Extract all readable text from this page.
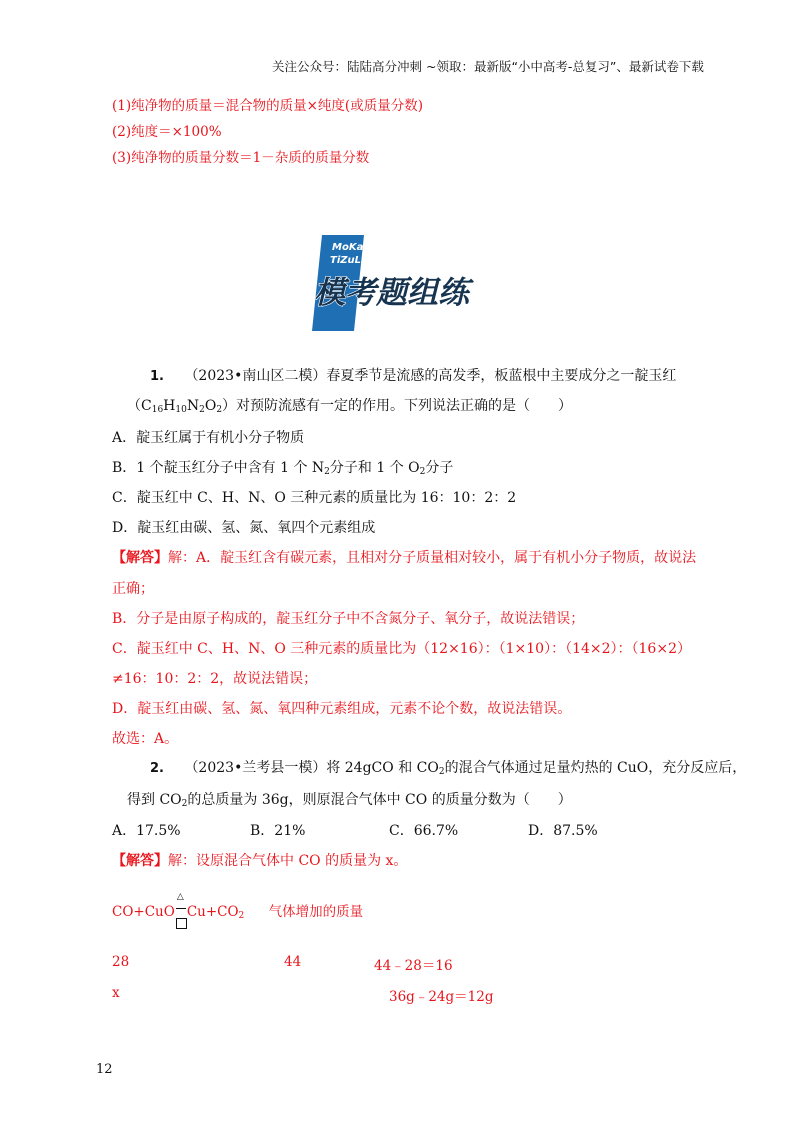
关注公众号：陆陆高分冲刺 ~领取：最新版“小中高考-总复习”、最新试卷下载
(1)纯净物的质量＝混合物的质量×纯度(或质量分数)
(2)纯度＝×100%
(3)纯净物的质量分数＝1－杂质的质量分数
MoKao
TiZuLian
模考题组练
1. （2023•南山区二模）春夏季节是流感的高发季，板蓝根中主要成分之一靛玉红
$(C_{16}H_{10}N_2O_2)$对预防流感有一定的作用。下列说法正确的是（　　）
A．靛玉红属于有机小分子物质
B．1 个靛玉红分子中含有 1 个 $N_2$分子和 1 个 $O_2$分子
C．靛玉红中 C、H、N、O 三种元素的质量比为 16：10：2：2
D．靛玉红由碳、氢、氮、氧四个元素组成
【解答】解：A．靛玉红含有碳元素，且相对分子质量相对较小，属于有机小分子物质，故说法
正确；
B．分子是由原子构成的，靛玉红分子中不含氮分子、氧分子，故说法错误；
C．靛玉红中 C、H、N、O 三种元素的质量比为（12×16）：（1×10）：（14×2）：（16×2）
≠16：10：2：2，故说法错误；
D．靛玉红由碳、氢、氮、氧四种元素组成，元素不论个数，故说法错误。
故选：A。
2. （2023•兰考县一模）将 24gCO 和 $CO_2$的混合气体通过足量灼热的 CuO，充分反应后，
得到 $CO_2$的总质量为 36g，则原混合气体中 CO 的质量分数为（　　）
A．17.5%	B．21%	C．66.7%	D．87.5%
【解答】解：设原混合气体中 CO 的质量为 x。
CO+CuO
△
$Cu+CO_2$ 气体增加的质量
28	44	44﹣28＝16
x	36g﹣24g＝12g
12
